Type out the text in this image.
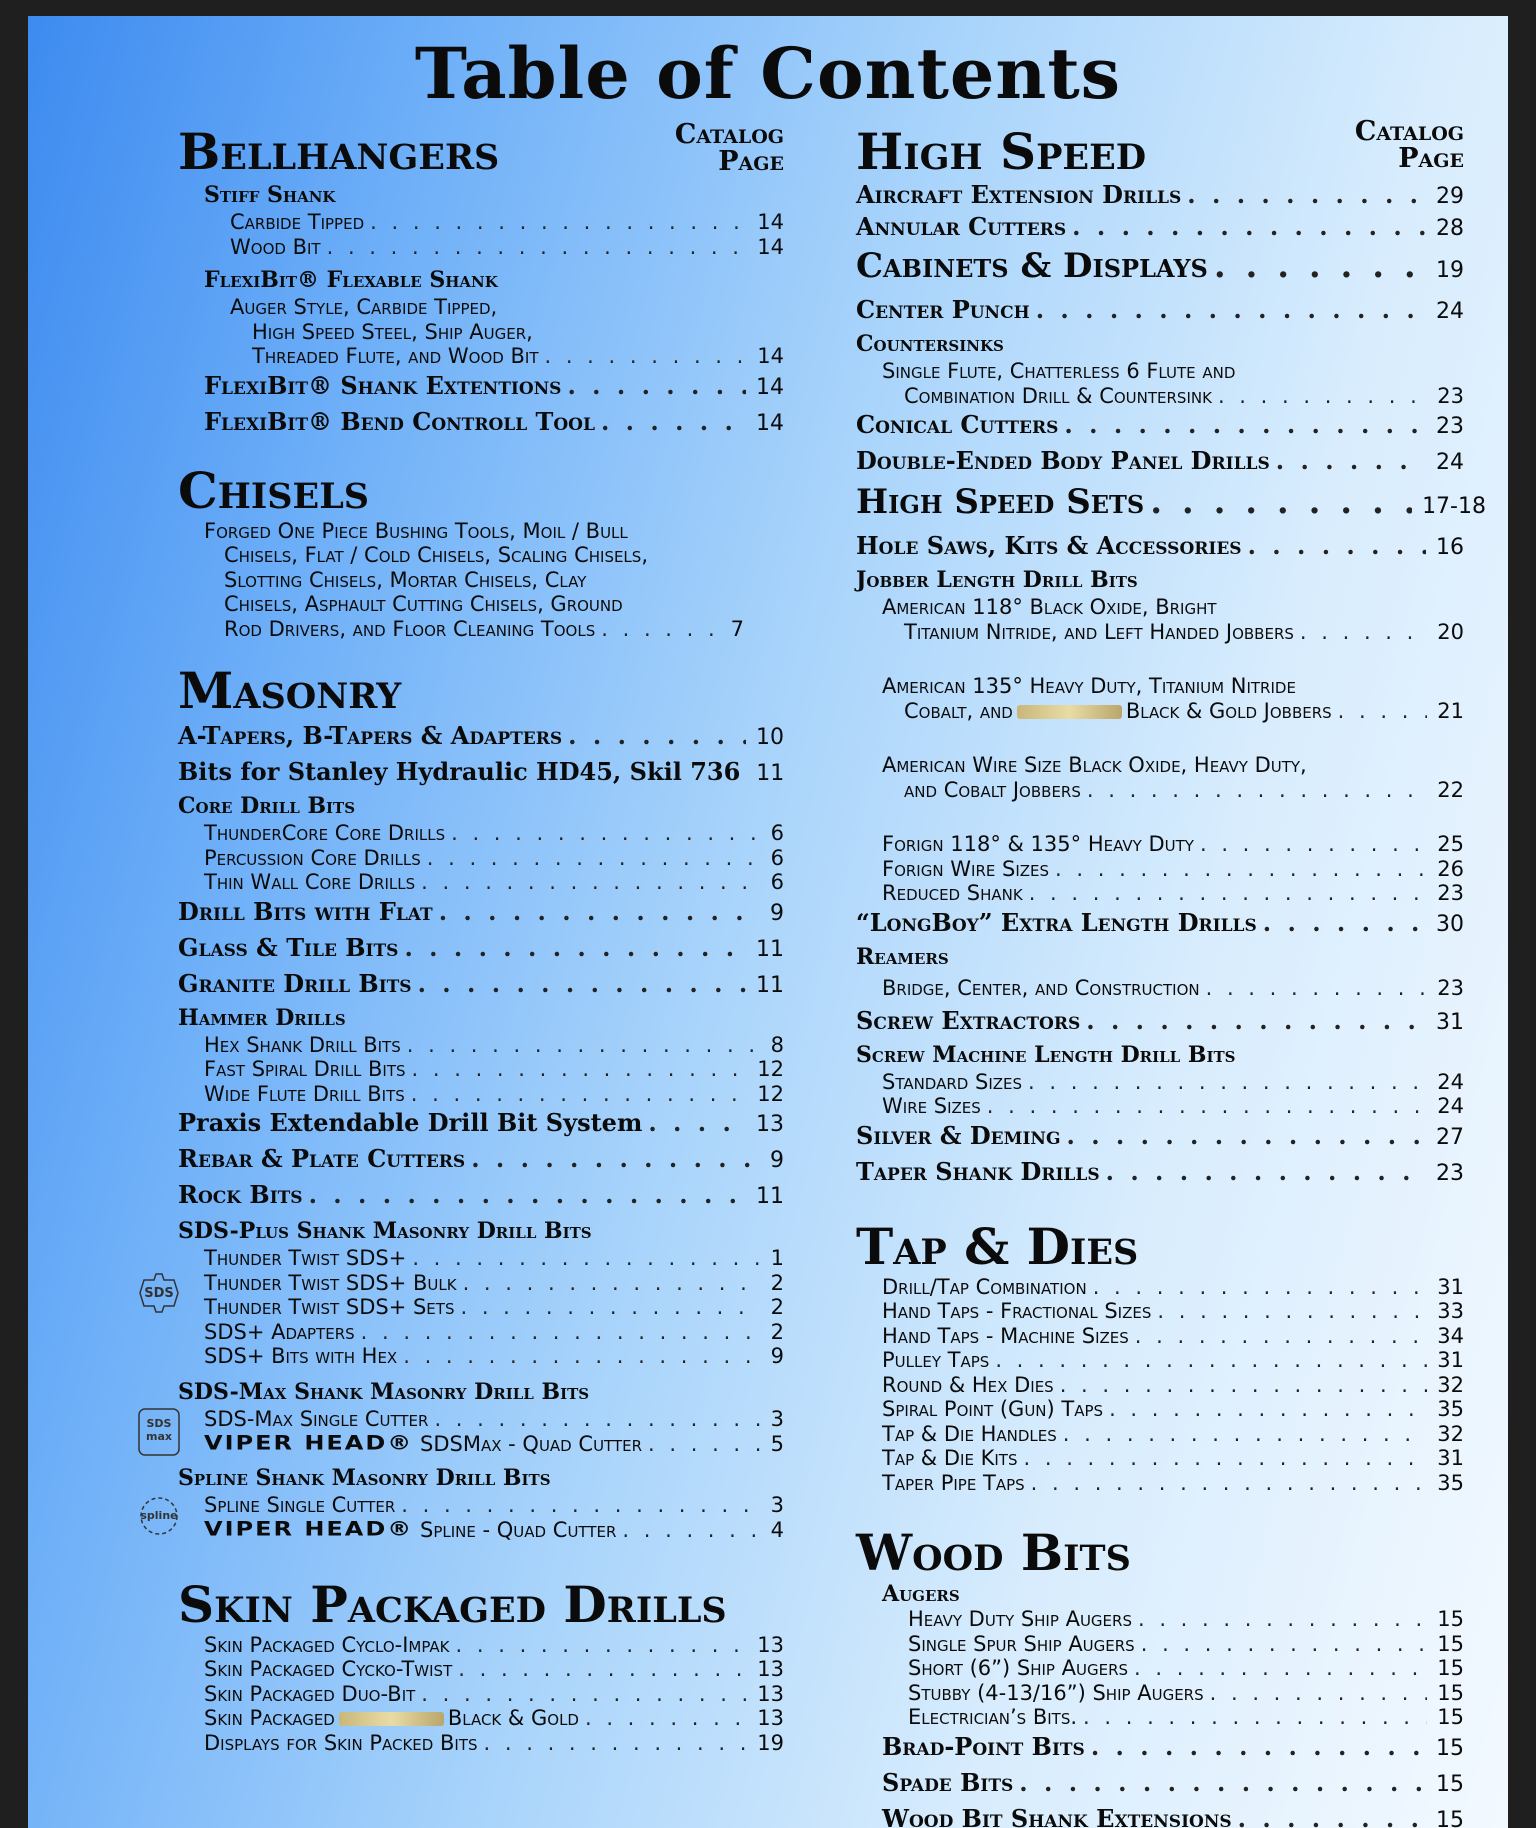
Table of Contents
Catalog
Page
Bellhangers
Stiff Shank
Carbide Tipped . . .	14
Wood Bit . . .	14
FlexiBit® Flexable Shank
Auger Style, Carbide Tipped,
High Speed Steel, Ship Auger,
Threaded Flute, and Wood Bit . . .	14
FlexiBit® Shank Extentions . . .	14
FlexiBit® Bend Controll Tool . . .	14
Chisels
Forged One Piece Bushing Tools, Moil / Bull
Chisels, Flat / Cold Chisels, Scaling Chisels,
Slotting Chisels, Mortar Chisels, Clay
Chisels, Asphault Cutting Chisels, Ground
Rod Drivers, and Floor Cleaning Tools . . .	7
Masonry
A-Tapers, B-Tapers & Adapters . . .	10
Bits for Stanley Hydraulic HD45, Skil 736 . . . 11
Core Drill Bits
ThunderCore Core Drills . . .	6
Percussion Core Drills . . .	6
Thin Wall Core Drills . . .	6
Drill Bits with Flat . . .	9
Glass & Tile Bits . . .	11
Granite Drill Bits . . .	11
Hammer Drills
Hex Shank Drill Bits . . .	8
Fast Spiral Drill Bits . . .	12
Wide Flute Drill Bits . . .	12
Praxis Extendable Drill Bit System . . .	13
Rebar & Plate Cutters . . .	9
Rock Bits . . .	11
SDS-Plus Shank Masonry Drill Bits
SDS
Thunder Twist SDS+ . . .	1
Thunder Twist SDS+ Bulk . . .	2
Thunder Twist SDS+ Sets . . .	2
SDS+ Adapters . . .	2
SDS+ Bits with Hex . . .	9
SDS-Max Shank Masonry Drill Bits
SDS
max
SDS-Max Single Cutter . . .	3
VIPER HEAD® SDSMax - Quad Cutter . . .	5
Spline Shank Masonry Drill Bits
spline Spline Single Cutter . . .	3
VIPER HEAD® Spline - Quad Cutter . . .	4
Skin Packaged Drills
Skin Packaged Cyclo-Impak . . .	13
Skin Packaged Cycko-Twist . . .	13
Skin Packaged Duo-Bit . . .	13
Skin Packaged	Black & Gold . . .	13
Displays for Skin Packed Bits . . .	19
Catalog
Page
High Speed
Aircraft Extension Drills . . .	29
Annular Cutters . . .	28
Cabinets & Displays . . .	19
Center Punch . . .	24
Countersinks
Single Flute, Chatterless 6 Flute and
Combination Drill & Countersink . . .	23
Conical Cutters . . .	23
Double-Ended Body Panel Drills . . .	24
High Speed Sets . . .	17-18
Hole Saws, Kits & Accessories . . .	16
Jobber Length Drill Bits
American 118° Black Oxide, Bright
Titanium Nitride, and Left Handed Jobbers . . .	20
American 135° Heavy Duty, Titanium Nitride
Cobalt, and	Black & Gold Jobbers . . .	21
American Wire Size Black Oxide, Heavy Duty,
and Cobalt Jobbers . . .	22
Forign 118° & 135° Heavy Duty . . .	25
Forign Wire Sizes . . .	26
Reduced Shank . . .	23
“LongBoy” Extra Length Drills . . .	30
Reamers
Bridge, Center, and Construction . . .	23
Screw Extractors . . .	31
Screw Machine Length Drill Bits
Standard Sizes . . .	24
Wire Sizes . . .	24
Silver & Deming . . .	27
Taper Shank Drills . . .	23
Tap & Dies
Drill/Tap Combination . . .	31
Hand Taps - Fractional Sizes . . .	33
Hand Taps - Machine Sizes . . .	34
Pulley Taps . . .	31
Round & Hex Dies . . .	32
Spiral Point (Gun) Taps . . .	35
Tap & Die Handles . . .	32
Tap & Die Kits . . .	31
Taper Pipe Taps . . .	35
Wood Bits
Augers
Heavy Duty Ship Augers . . .	15
Single Spur Ship Augers . . .	15
Short (6”) Ship Augers . . .	15
Stubby (4-13/16”) Ship Augers . . .	15
Electrician’s Bits. . . .	15
Brad-Point Bits . . .	15
Spade Bits . . .	15
Wood Bit Shank Extensions . . .	15
